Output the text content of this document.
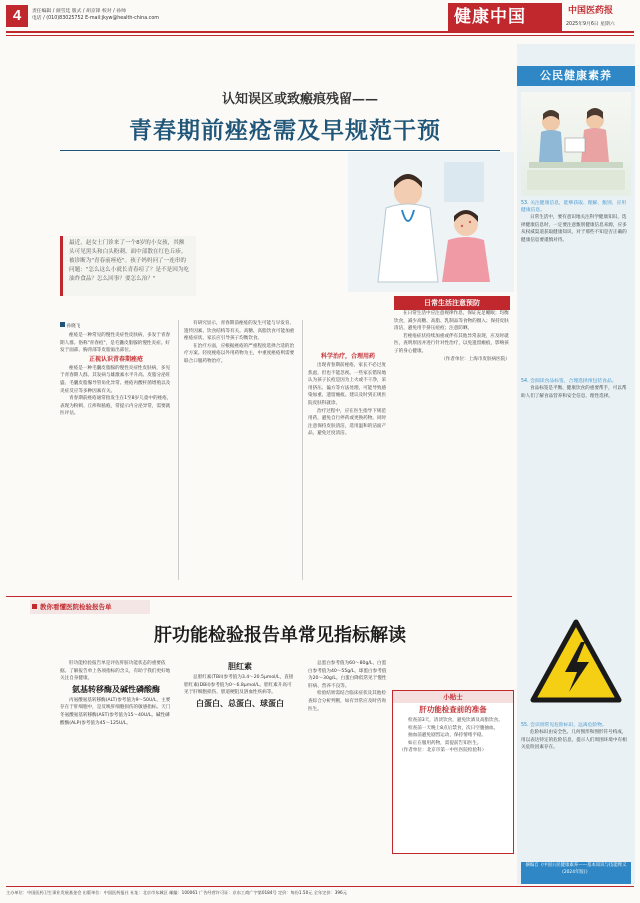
4	责任编辑 / 颜雪廷 版式 / 胡京锋 校对 / 孙帅
电话 / (010)83025752 E-mail:jkyw@health-china.com	健康中国	中国医药报
2025年9月6日 星期六
公民健康素养
53. 关注健康信息，能够获取、理解、甄别、应用健康信息。

日常生活中，要有意识地关注科学健康知识、选择健康信息时，一定要注意甄别健康信息来源，应多从权威渠道获取健康知识，对于那些不知是否正确的健康信息要谨慎对待。

54. 会阅读食品标签，合理选择预包装食品。

食品标签是平衡、健康饮食的重要帮手，可以帮助人们了解食品营养和安全信息，理性选择。

55. 会识别常见危险标识，远离危险物。

危险标识由安全色、几何图形和图形符号构成，用以表达特定的危险信息，提示人们周围环境中有相关危险因素存在。

摘编自《中国公民健康素养——基本知识与技能释义(2024年版)》
认知误区或致瘢痕残留——
青春期前痤疮需及早规范干预
最近，赵女士门诊来了一个8岁的小女孩，其额头可见黑头和白头粉刺、面中部散在红色丘疹。被诊断为"青春前痤疮"。孩子妈妈问了一连串的问题："怎么这么小就长青春痘了？是不是因为吃油炸食品？怎么回事？要怎么治？"
孙晓飞

痤疮是一种常见的慢性炎症性皮肤病，多发于青春期人群。俗称"青春痘"，是毛囊皮脂腺的慢性炎症。好发于面部、胸背部等皮脂溢出部位。

正视认识青春期痤疮

痤疮是一种毛囊皮脂腺的慢性炎症性皮肤病，多见于青春期人群。其发病与雄激素水平升高、皮脂分泌旺盛、毛囊皮脂腺导管角化异常、痤疮丙酸杆菌增殖以及炎症反应等多种因素有关。

青春期前痤疮通常指发生在1至8岁儿童中的痤疮，表现为粉刺、丘疹和脓疱，常提示内分泌异常，需要就医评估。

有研究显示，青春期前痤疮的发生可能与早发育、遗传因素、饮食结构等有关。高糖、高脂饮食可能加重痤疮症状，家长应引导孩子均衡饮食。

在治疗方面，应根据痤疮的严重程度选择合适的治疗方案。轻度痤疮以外用药物为主，中重度痤疮则需要联合口服药物治疗。

科学治疗，合理用药

出现青春期前痤疮，家长不必过度焦虑，但也不能忽视。一些家长错误地认为孩子长痘是因为上火或不干净，采用挤压、偏方等方法处理，可能导致感染加重、遗留瘢痕。建议及时到正规医院皮肤科就诊。

治疗过程中，应在医生指导下规范用药，避免自行停药或更换药物。同时注意保持皮肤清洁，选用温和的洁面产品，避免过度清洁。

日常生活注意预防

在日常生活中应注意规律作息，保证充足睡眠；均衡饮食，减少高糖、高脂、乳制品等食物的摄入；保持皮肤清洁，避免用手挤压痘痘；注意防晒。

若痤疮症状持续加重或伴有其他异常表现，应及时就医，查明原因并进行针对性治疗，以免遗留瘢痕，影响孩子的身心健康。

（作者单位：上海市皮肤病医院）
教你看懂医院检验报告单
肝功能检验报告单常见指标解读

肝功能检验报告单是评估肝脏功能状态的重要依据。了解报告单上各项指标的含义，有助于我们更好地关注自身健康。

氨基转移酶及碱性磷酸酶

丙氨酸氨基转移酶(ALT)参考值为9～50U/L，主要存在于肝细胞中，是反映肝细胞损伤的敏感指标。天门冬氨酸氨基转移酶(AST)参考值为15～40U/L。碱性磷酸酶(ALP)参考值为45～125U/L。

胆红素

总胆红素(TBil)参考值为3.4～20.5μmol/L，直接胆红素(DBil)参考值为0～6.8μmol/L。胆红素升高可见于肝细胞损伤、胆道梗阻及溶血性疾病等。

白蛋白、总蛋白、球蛋白

总蛋白参考值为60～80g/L，白蛋白参考值为40～55g/L，球蛋白参考值为20～30g/L。白蛋白降低常见于慢性肝病、营养不良等。

检验结果需结合临床症状及其他检查综合分析判断，如有异常应及时咨询医生。

小贴士
肝功能检查前的准备

检查前3天，清淡饮食，避免饮酒及高脂饮食。

检查前一天晚上8点后禁食，次日空腹抽血。

抽血前避免剧烈运动，保持情绪平稳。

如正在服用药物，需提前告知医生。

（作者单位：北京市第一中医医院检验科）
主办单位：中国医药卫生事业发展基金会 出版单位：中国医药报社 社址：北京市东城区 邮编：100061 广告经营许可证：京东工商广字第0184号 定价：每份1.50元 全年定价：396元
